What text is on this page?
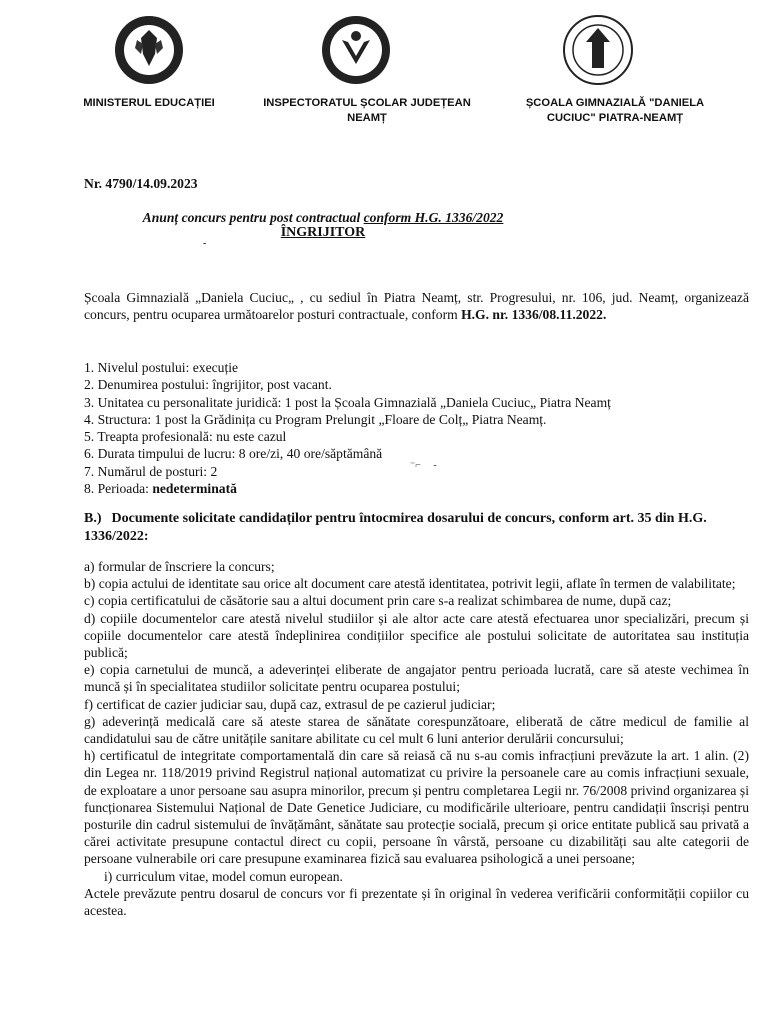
MINISTERUL EDUCAȚIEI	INSPECTORATUL ȘCOLAR JUDEȚEAN
NEAMȚ
ȘCOALA GIMNAZIALĂ "DANIELA
CUCIUC" PIATRA-NEAMȚ
Nr. 4790/14.09.2023
Anunț concurs pentru post contractual conform H.G. 1336/2022
ÎNGRIJITOR
-
Școala Gimnazială „Daniela Cuciuc„ , cu sediul în Piatra Neamț, str. Progresului, nr. 106, jud. Neamț, organizează concurs, pentru ocuparea următoarelor posturi contractuale, conform H.G. nr. 1336/08.11.2022.
1. Nivelul postului: execuție
2. Denumirea postului: îngrijitor, post vacant.
3. Unitatea cu personalitate juridică: 1 post la Școala Gimnazială „Daniela Cuciuc„ Piatra Neamț
4. Structura: 1 post la Grădinița cu Program Prelungit „Floare de Colț„ Piatra Neamț.
5. Treapta profesională: nu este cazul
6. Durata timpului de lucru: 8 ore/zi, 40 ore/săptămână
7. Numărul de posturi: 2
8. Perioada: nedeterminată
⁻⌐     -
B.) Documente solicitate candidaților pentru întocmirea dosarului de concurs, conform art. 35 din H.G. 1336/2022:

a) formular de înscriere la concurs;

b) copia actului de identitate sau orice alt document care atestă identitatea, potrivit legii, aflate în termen de valabilitate;

c) copia certificatului de căsătorie sau a altui document prin care s-a realizat schimbarea de nume, după caz;

d) copiile documentelor care atestă nivelul studiilor și ale altor acte care atestă efectuarea unor specializări, precum și copiile documentelor care atestă îndeplinirea condițiilor specifice ale postului solicitate de autoritatea sau instituția publică;

e) copia carnetului de muncă, a adeverinței eliberate de angajator pentru perioada lucrată, care să ateste vechimea în muncă și în specialitatea studiilor solicitate pentru ocuparea postului;

f) certificat de cazier judiciar sau, după caz, extrasul de pe cazierul judiciar;

g) adeverință medicală care să ateste starea de sănătate corespunzătoare, eliberată de către medicul de familie al candidatului sau de către unitățile sanitare abilitate cu cel mult 6 luni anterior derulării concursului;

h) certificatul de integritate comportamentală din care să reiasă că nu s-au comis infracțiuni prevăzute la art. 1 alin. (2) din Legea nr. 118/2019 privind Registrul național automatizat cu privire la persoanele care au comis infracțiuni sexuale, de exploatare a unor persoane sau asupra minorilor, precum și pentru completarea Legii nr. 76/2008 privind organizarea și funcționarea Sistemului Național de Date Genetice Judiciare, cu modificările ulterioare, pentru candidații înscriși pentru posturile din cadrul sistemului de învățământ, sănătate sau protecție socială, precum și orice entitate publică sau privată a cărei activitate presupune contactul direct cu copii, persoane în vârstă, persoane cu dizabilități sau alte categorii de persoane vulnerabile ori care presupune examinarea fizică sau evaluarea psihologică a unei persoane;

i) curriculum vitae, model comun european.

Actele prevăzute pentru dosarul de concurs vor fi prezentate și în original în vederea verificării conformității copiilor cu acestea.
